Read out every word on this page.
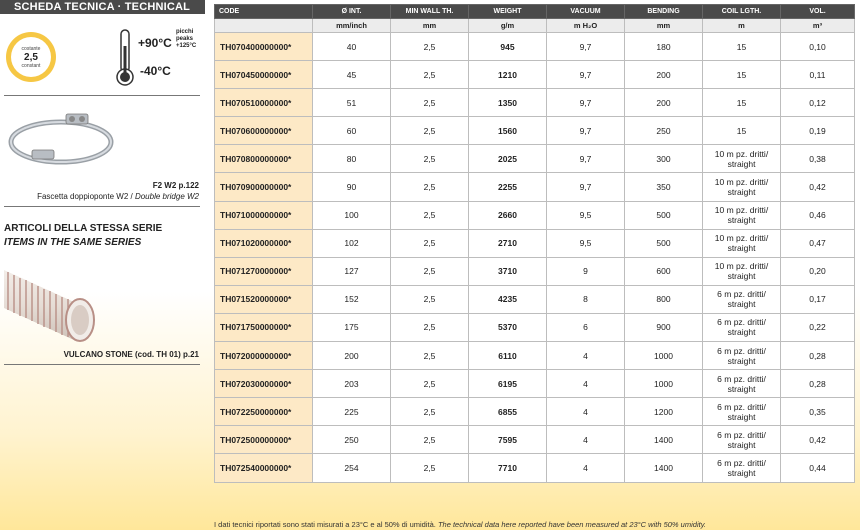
SCHEDA TECNICA · TECHNICAL DATA
costante
2,5
constant
+90°C
picchi
peaks
+125°C
-40°C
F2 W2 p.122
Fascetta doppioponte W2 / Double bridge W2
ARTICOLI DELLA STESSA SERIE
ITEMS IN THE SAME SERIES
VULCANO STONE (cod. TH 01) p.21
CODE	Ø INT.	MIN WALL TH.	WEIGHT	VACUUM	BENDING	COIL LGTH.	VOL.
	mm/inch	mm	g/m	m H₂O	mm	m	m³
TH070400000000*	40	2,5	945	9,7	180	15	0,10
TH070450000000*	45	2,5	1210	9,7	200	15	0,11
TH070510000000*	51	2,5	1350	9,7	200	15	0,12
TH070600000000*	60	2,5	1560	9,7	250	15	0,19
TH070800000000*	80	2,5	2025	9,7	300	10 m pz. dritti/ straight	0,38
TH070900000000*	90	2,5	2255	9,7	350	10 m pz. dritti/ straight	0,42
TH071000000000*	100	2,5	2660	9,5	500	10 m pz. dritti/ straight	0,46
TH071020000000*	102	2,5	2710	9,5	500	10 m pz. dritti/ straight	0,47
TH071270000000*	127	2,5	3710	9	600	10 m pz. dritti/ straight	0,20
TH071520000000*	152	2,5	4235	8	800	6 m pz. dritti/ straight	0,17
TH071750000000*	175	2,5	5370	6	900	6 m pz. dritti/ straight	0,22
TH072000000000*	200	2,5	6110	4	1000	6 m pz. dritti/ straight	0,28
TH072030000000*	203	2,5	6195	4	1000	6 m pz. dritti/ straight	0,28
TH072250000000*	225	2,5	6855	4	1200	6 m pz. dritti/ straight	0,35
TH072500000000*	250	2,5	7595	4	1400	6 m pz. dritti/ straight	0,42
TH072540000000*	254	2,5	7710	4	1400	6 m pz. dritti/ straight	0,44
I dati tecnici riportati sono stati misurati a 23°C e al 50% di umidità. The technical data here reported have been measured at 23°C with 50% umidity.
